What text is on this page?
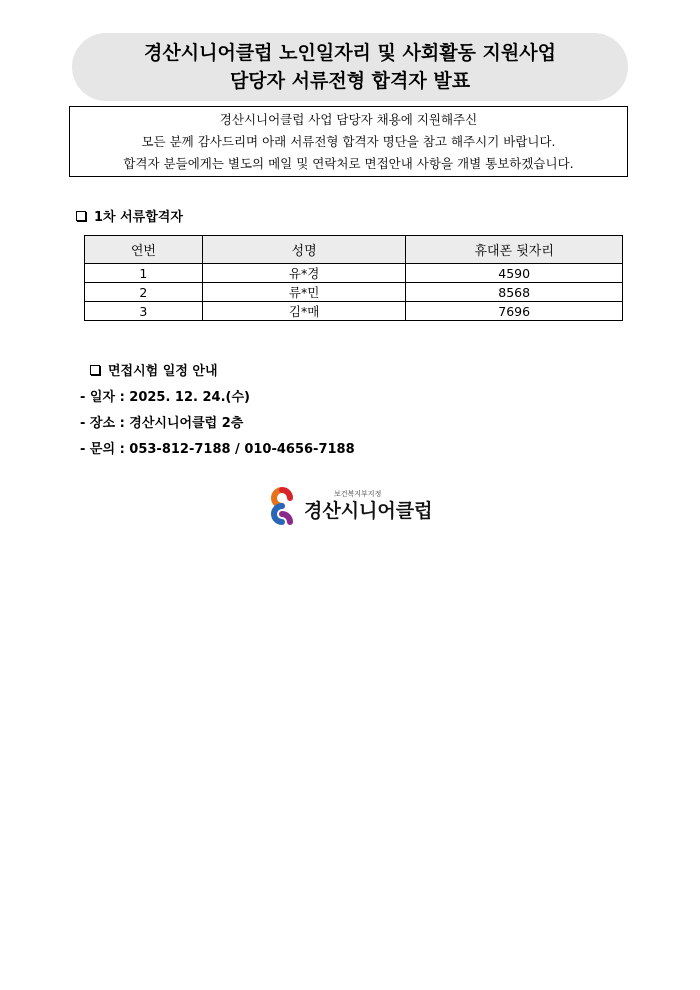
경산시니어클럽 노인일자리 및 사회활동 지원사업
담당자 서류전형 합격자 발표
경산시니어클럽 사업 담당자 채용에 지원해주신
모든 분께 감사드리며 아래 서류전형 합격자 명단을 참고 해주시기 바랍니다.
합격자 분들에게는 별도의 메일 및 연락처로 면접안내 사항을 개별 통보하겠습니다.
1차 서류합격자
연번	성명	휴대폰 뒷자리
1	유*경	4590
2	류*민	8568
3	김*매	7696
면접시험 일정 안내
- 일자 : 2025. 12. 24.(수)
- 장소 : 경산시니어클럽 2층
- 문의 : 053-812-7188 / 010-4656-7188
보건복지부지정
경산시니어클럽
